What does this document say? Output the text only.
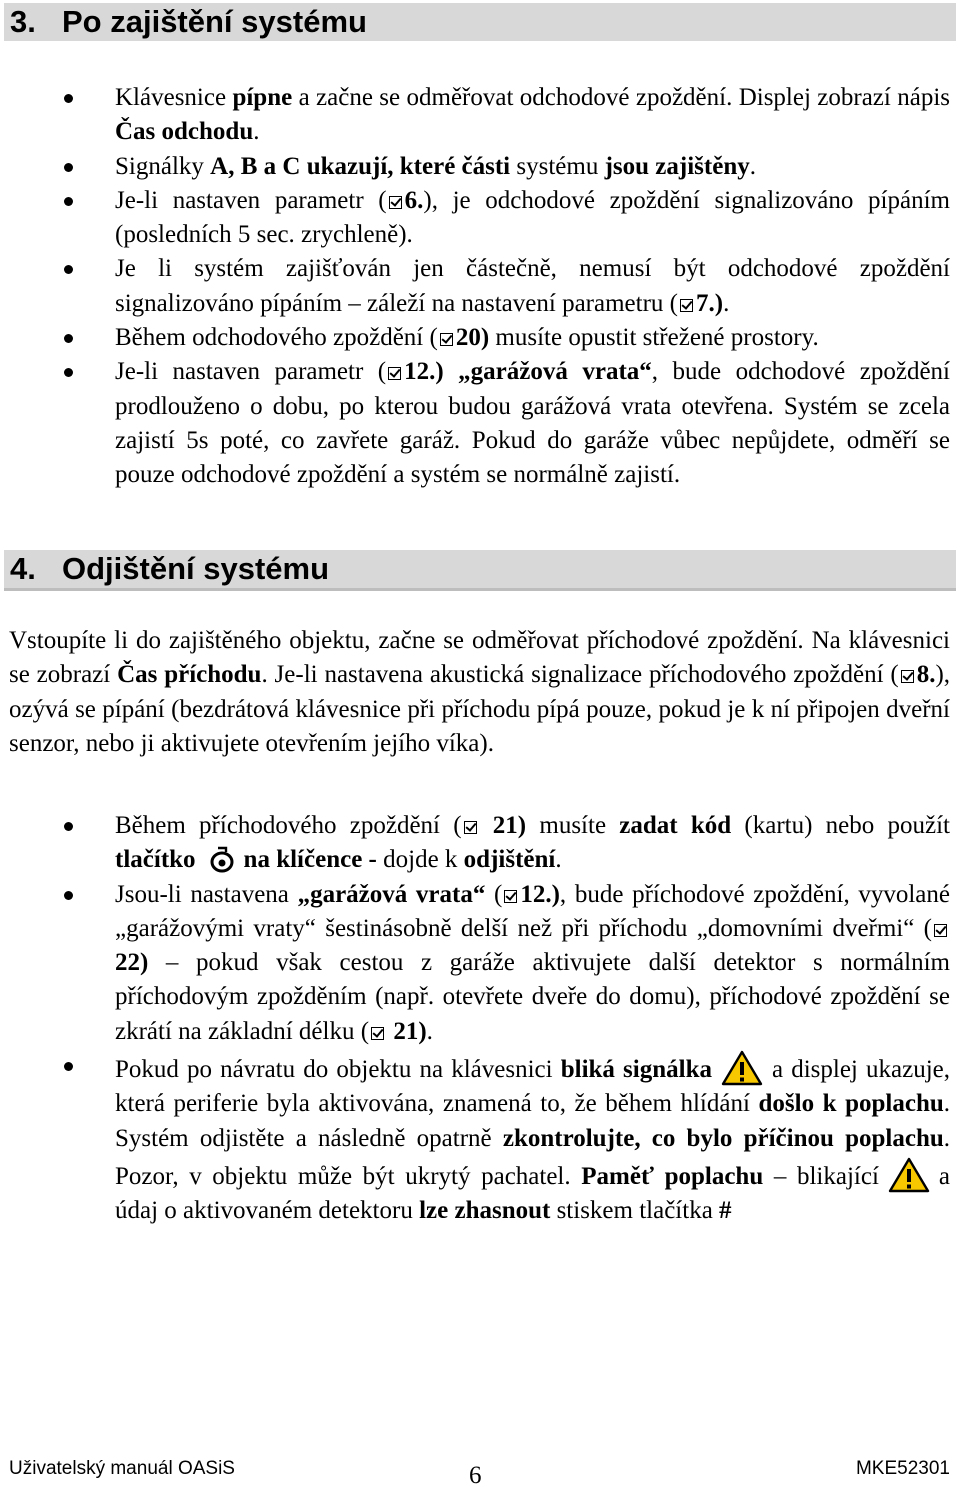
3. Po zajištění systému
Klávesnice pípne a začne se odměřovat odchodové zpoždění. Displej zobrazí nápis Čas odchodu.
Signálky A, B a C ukazují, které části systému jsou zajištěny.
Je-li nastaven parametr ( 6.), je odchodové zpoždění signalizováno pípáním (posledních 5 sec. zrychleně).
Je li systém zajišťován jen částečně, nemusí být odchodové zpoždění signalizováno pípáním – záleží na nastavení parametru ( 7.).
Během odchodového zpoždění ( 20) musíte opustit střežené prostory.
Je-li nastaven parametr ( 12.) „garážová vrata“, bude odchodové zpoždění prodlouženo o dobu, po kterou budou garážová vrata otevřena. Systém se zcela zajistí 5s poté, co zavřete garáž. Pokud do garáže vůbec nepůjdete, odměří se pouze odchodové zpoždění a systém se normálně zajistí.
4. Odjištění systému

Vstoupíte li do zajištěného objektu, začne se odměřovat příchodové zpoždění. Na klávesnici se zobrazí Čas příchodu. Je-li nastavena akustická signalizace příchodového zpoždění ( 8.), ozývá se pípání (bezdrátová klávesnice při příchodu pípá pouze, pokud je k ní připojen dveřní senzor, nebo ji aktivujete otevřením jejího víka).

Během příchodového zpoždění ( 21) musíte zadat kód (kartu) nebo použít tlačítko na klíčence - dojde k odjištění.
Jsou-li nastavena „garážová vrata“ ( 12.), bude příchodové zpoždění, vyvolané „garážovými vraty“ šestinásobně delší než při příchodu „domovními dveřmi“ ( 22) – pokud však cestou z garáže aktivujete další detektor s normálním příchodovým zpožděním (např. otevřete dveře do domu), příchodové zpoždění se zkrátí na základní délku ( 21).
Pokud po návratu do objektu na klávesnici bliká signálka a displej ukazuje, která periferie byla aktivována, znamená to, že během hlídání došlo k poplachu. Systém odjistěte a následně opatrně zkontrolujte, co bylo příčinou poplachu. Pozor, v objektu může být ukrytý pachatel. Paměť poplachu – blikající a údaj o aktivovaném detektoru lze zhasnout stiskem tlačítka #
Uživatelský manuál OASiS	6	MKE52301
